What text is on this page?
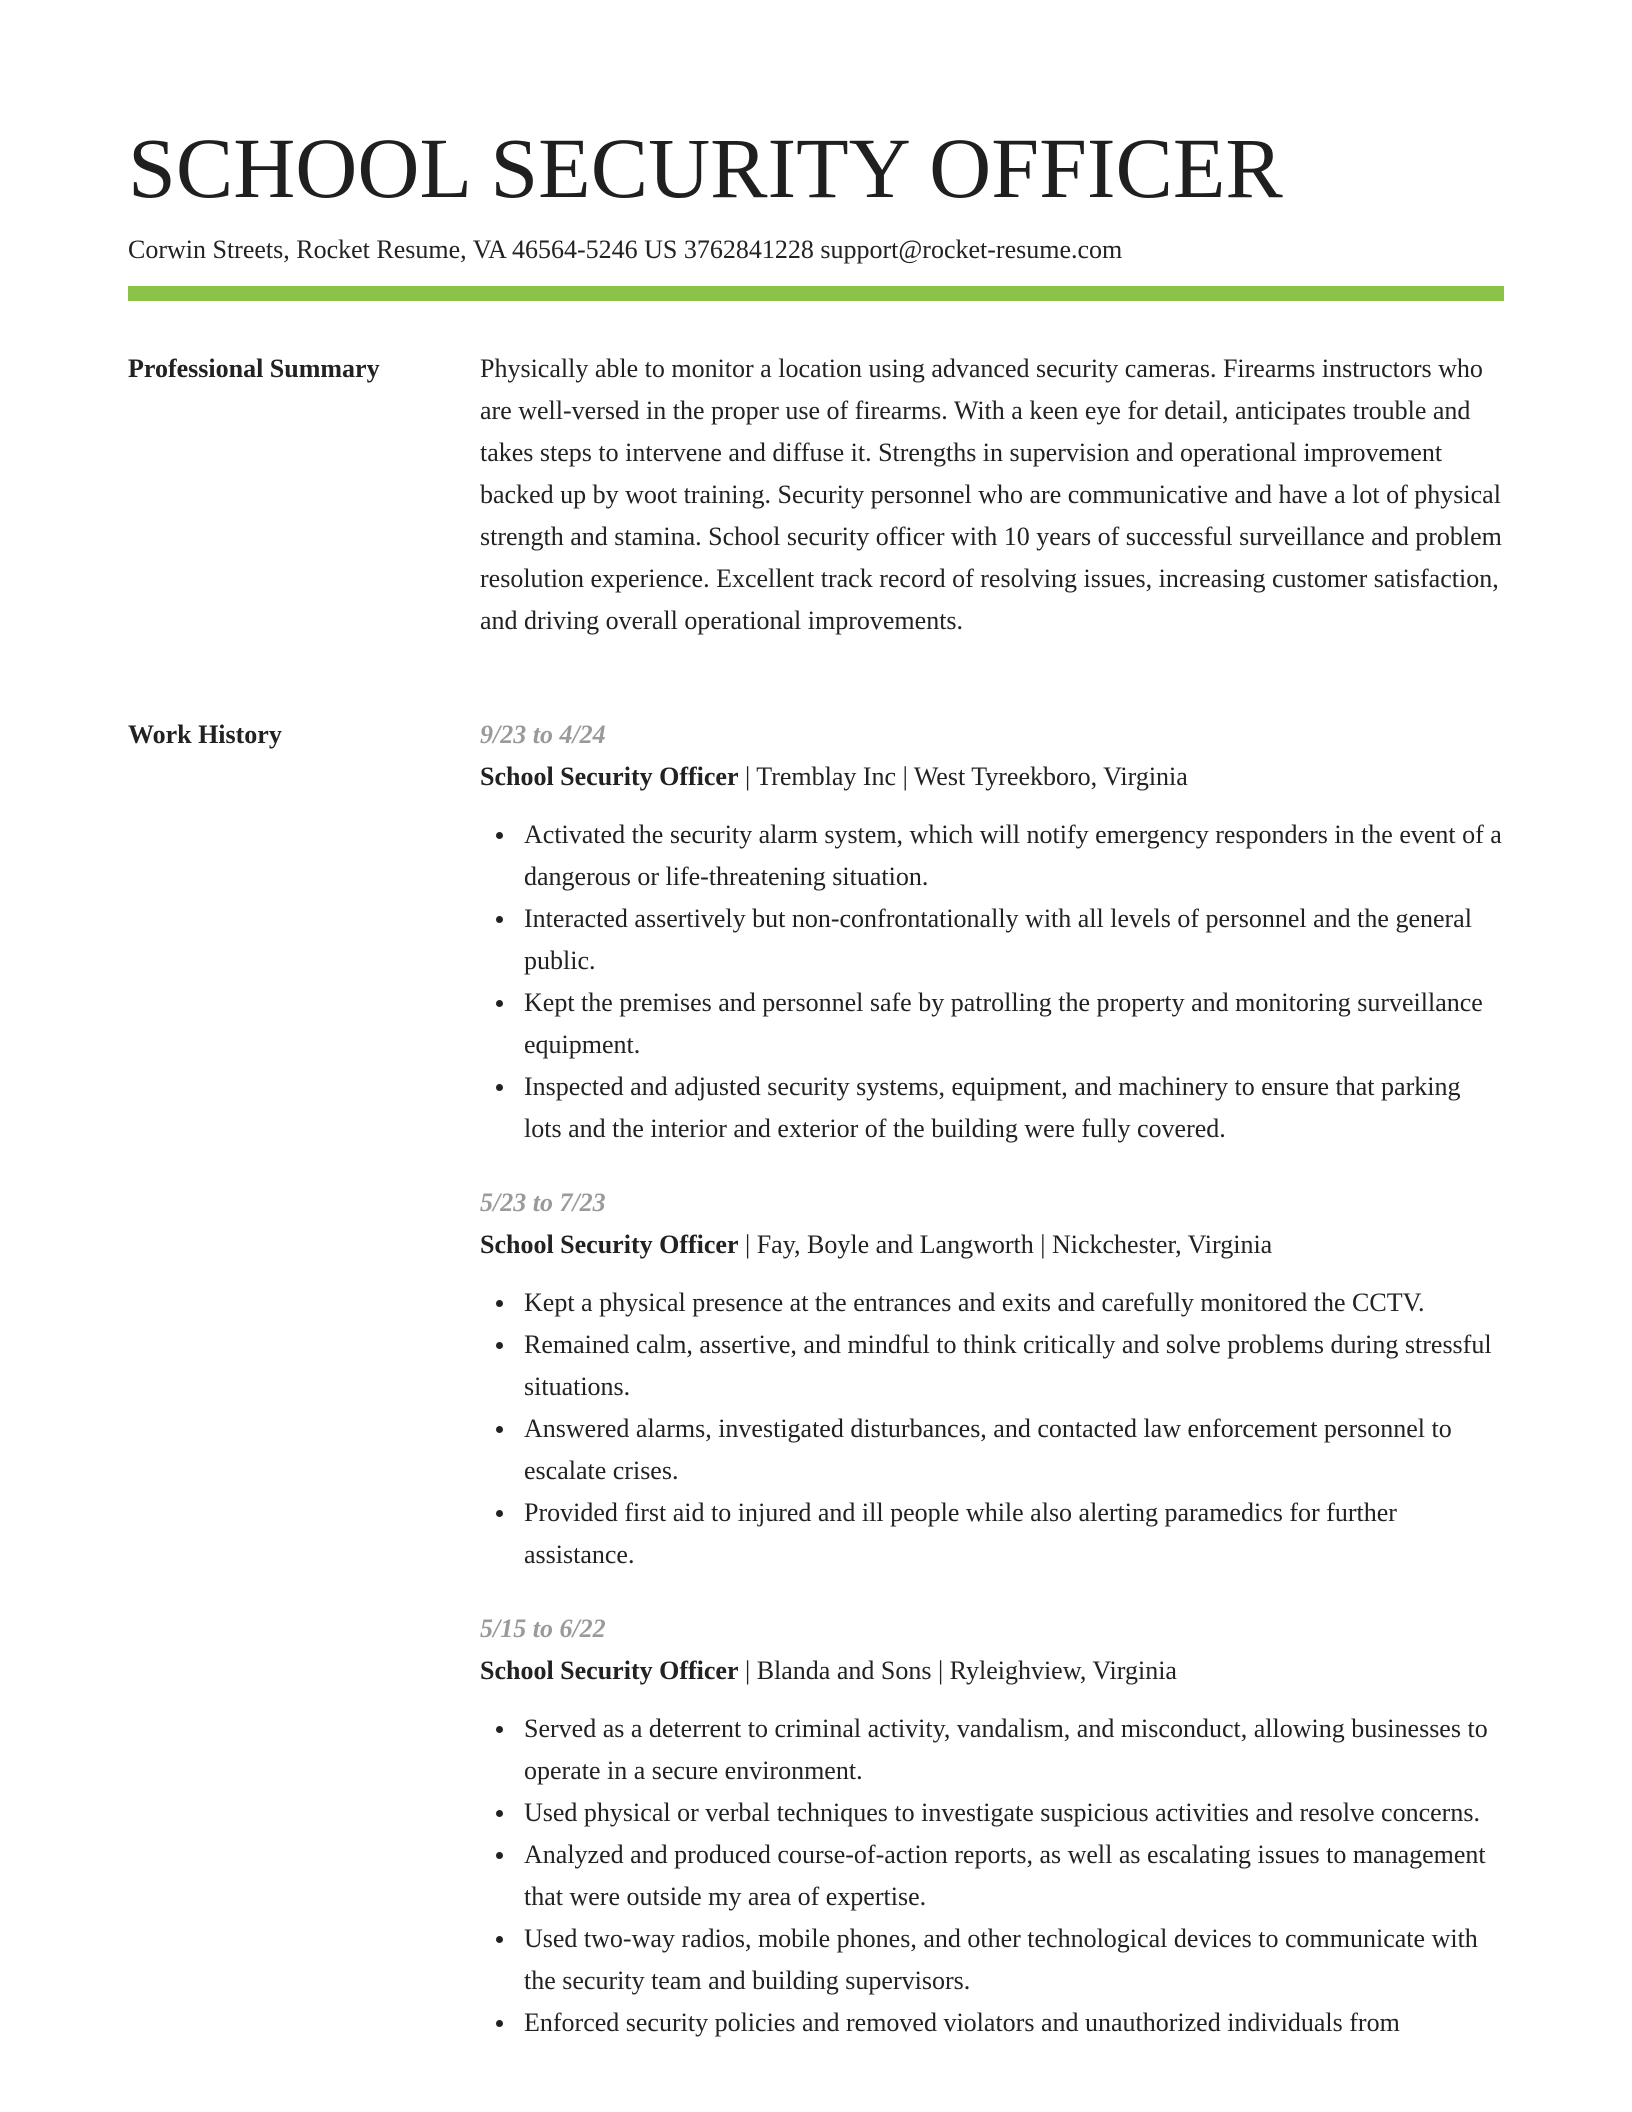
SCHOOL SECURITY OFFICER
Corwin Streets, Rocket Resume, VA 46564-5246 US 3762841228 support@rocket-resume.com
Professional Summary	Physically able to monitor a location using advanced security cameras. Firearms instructors who are well-versed in the proper use of firearms. With a keen eye for detail, anticipates trouble and takes steps to intervene and diffuse it. Strengths in supervision and operational improvement backed up by woot training. Security personnel who are communicative and have a lot of physical strength and stamina. School security officer with 10 years of successful surveillance and problem resolution experience. Excellent track record of resolving issues, increasing customer satisfaction, and driving overall operational improvements.

Work History	9/23 to 4/24
School Security Officer | Tremblay Inc | West Tyreekboro, Virginia
Activated the security alarm system, which will notify emergency responders in the event of a dangerous or life-threatening situation.
Interacted assertively but non-confrontationally with all levels of personnel and the general public.
Kept the premises and personnel safe by patrolling the property and monitoring surveillance equipment.
Inspected and adjusted security systems, equipment, and machinery to ensure that parking lots and the interior and exterior of the building were fully covered.
5/23 to 7/23
School Security Officer | Fay, Boyle and Langworth | Nickchester, Virginia
Kept a physical presence at the entrances and exits and carefully monitored the CCTV.
Remained calm, assertive, and mindful to think critically and solve problems during stressful situations.
Answered alarms, investigated disturbances, and contacted law enforcement personnel to escalate crises.
Provided first aid to injured and ill people while also alerting paramedics for further assistance.
5/15 to 6/22
School Security Officer | Blanda and Sons | Ryleighview, Virginia
Served as a deterrent to criminal activity, vandalism, and misconduct, allowing businesses to operate in a secure environment.
Used physical or verbal techniques to investigate suspicious activities and resolve concerns.
Analyzed and produced course-of-action reports, as well as escalating issues to management that were outside my area of expertise.
Used two-way radios, mobile phones, and other technological devices to communicate with the security team and building supervisors.
Enforced security policies and removed violators and unauthorized individuals from
